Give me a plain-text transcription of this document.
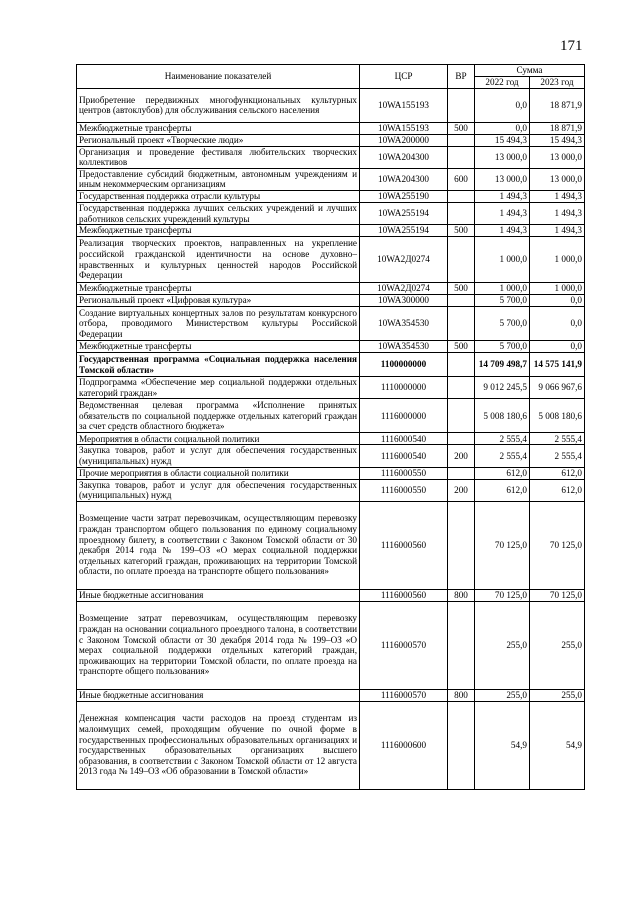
171
Наименование показателей	ЦСР	ВР	Сумма	
			2022 год	2023 год
Приобретение передвижных многофункциональных культурных центров (автоклубов) для обслуживания сельского населения	10WA155193		0,0	18 871,9
Межбюджетные трансферты	10WA155193	500	0,0	18 871,9
Региональный проект «Творческие люди»	10WA200000		15 494,3	15 494,3
Организация и проведение фестиваля любительских творческих коллективов	10WA204300		13 000,0	13 000,0
Предоставление субсидий бюджетным, автономным учреждениям и иным некоммерческим организациям	10WA204300	600	13 000,0	13 000,0
Государственная поддержка отрасли культуры	10WA255190		1 494,3	1 494,3
Государственная поддержка лучших сельских учреждений и лучших работников сельских учреждений культуры	10WA255194		1 494,3	1 494,3
Межбюджетные трансферты	10WA255194	500	1 494,3	1 494,3
Реализация творческих проектов, направленных на укрепление российской гражданской идентичности на основе духовно–нравственных и культурных ценностей народов Российской Федерации	10WA2Д0274		1 000,0	1 000,0
Межбюджетные трансферты	10WA2Д0274	500	1 000,0	1 000,0
Региональный проект «Цифровая культура»	10WA300000		5 700,0	0,0
Создание виртуальных концертных залов по результатам конкурсного отбора, проводимого Министерством культуры Российской Федерации	10WA354530		5 700,0	0,0
Межбюджетные трансферты	10WA354530	500	5 700,0	0,0
Государственная программа «Социальная поддержка населения Томской области»	1100000000		14 709 498,7	14 575 141,9
Подпрограмма «Обеспечение мер социальной поддержки отдельных категорий граждан»	1110000000		9 012 245,5	9 066 967,6
Ведомственная целевая программа «Исполнение принятых обязательств по социальной поддержке отдельных категорий граждан за счет средств областного бюджета»	1116000000		5 008 180,6	5 008 180,6
Мероприятия в области социальной политики	1116000540		2 555,4	2 555,4
Закупка товаров, работ и услуг для обеспечения государственных (муниципальных) нужд	1116000540	200	2 555,4	2 555,4
Прочие мероприятия в области социальной политики	1116000550		612,0	612,0
Закупка товаров, работ и услуг для обеспечения государственных (муниципальных) нужд	1116000550	200	612,0	612,0
Возмещение части затрат перевозчикам, осуществляющим перевозку граждан транспортом общего пользования по единому социальному проездному билету, в соответствии с Законом Томской области от 30 декабря 2014 года № 199–ОЗ «О мерах социальной поддержки отдельных категорий граждан, проживающих на территории Томской области, по оплате проезда на транспорте общего пользования»	1116000560		70 125,0	70 125,0
Иные бюджетные ассигнования	1116000560	800	70 125,0	70 125,0
Возмещение затрат перевозчикам, осуществляющим перевозку граждан на основании социального проездного талона, в соответствии с Законом Томской области от 30 декабря 2014 года № 199–ОЗ «О мерах социальной поддержки отдельных категорий граждан, проживающих на территории Томской области, по оплате проезда на транспорте общего пользования»	1116000570		255,0	255,0
Иные бюджетные ассигнования	1116000570	800	255,0	255,0
Денежная компенсация части расходов на проезд студентам из малоимущих семей, проходящим обучение по очной форме в государственных профессиональных образовательных организациях и государственных образовательных организациях высшего образования, в соответствии с Законом Томской области от 12 августа 2013 года № 149–ОЗ «Об образовании в Томской области»	1116000600		54,9	54,9
